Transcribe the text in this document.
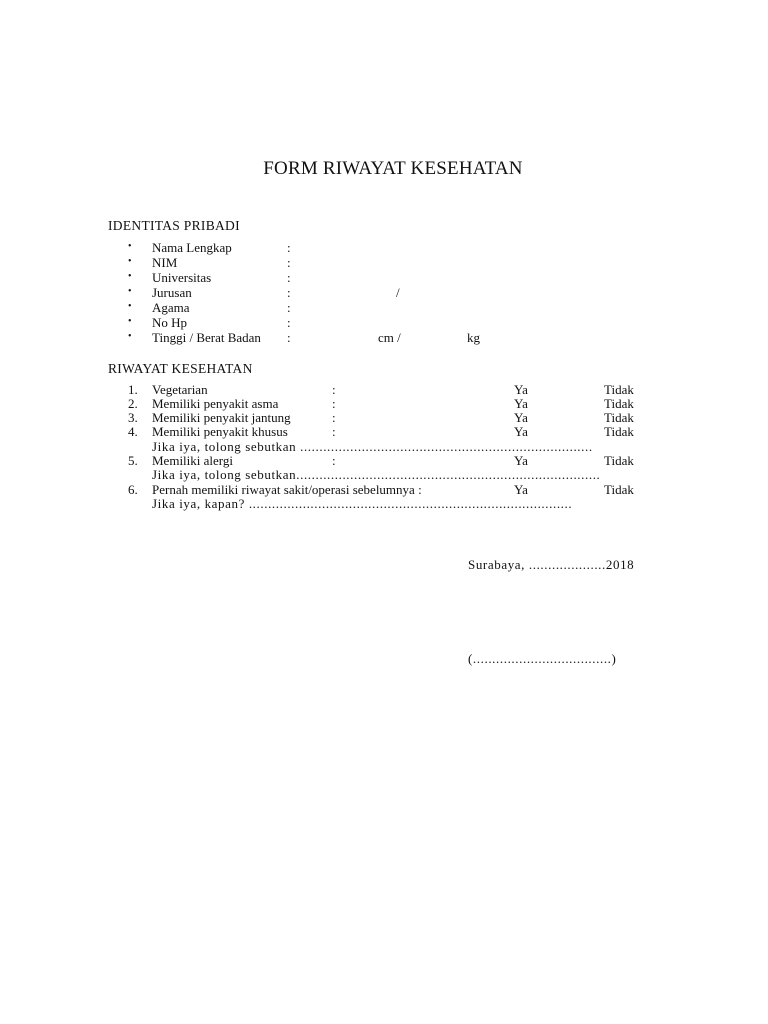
FORM RIWAYAT KESEHATAN
IDENTITAS PRIBADI
• Nama Lengkap	:
• NIM	:
• Universitas	:
• Jurusan	:	/
• Agama	:
• No Hp	:
• Tinggi / Berat Badan :	cm /	kg
RIWAYAT KESEHATAN
1. Vegetarian	:	Ya	Tidak
2. Memiliki penyakit asma	:	Ya	Tidak
3. Memiliki penyakit jantung	:	Ya	Tidak
4. Memiliki penyakit khusus	:	Ya	Tidak
Jika iya, tolong sebutkan ............................................................................
5. Memiliki alergi	:	Ya	Tidak
Jika iya, tolong sebutkan...............................................................................
6. Pernah memiliki riwayat sakit/operasi sebelumnya :	Ya	Tidak
Jika iya, kapan? ....................................................................................
Surabaya, ....................2018
(....................................)
